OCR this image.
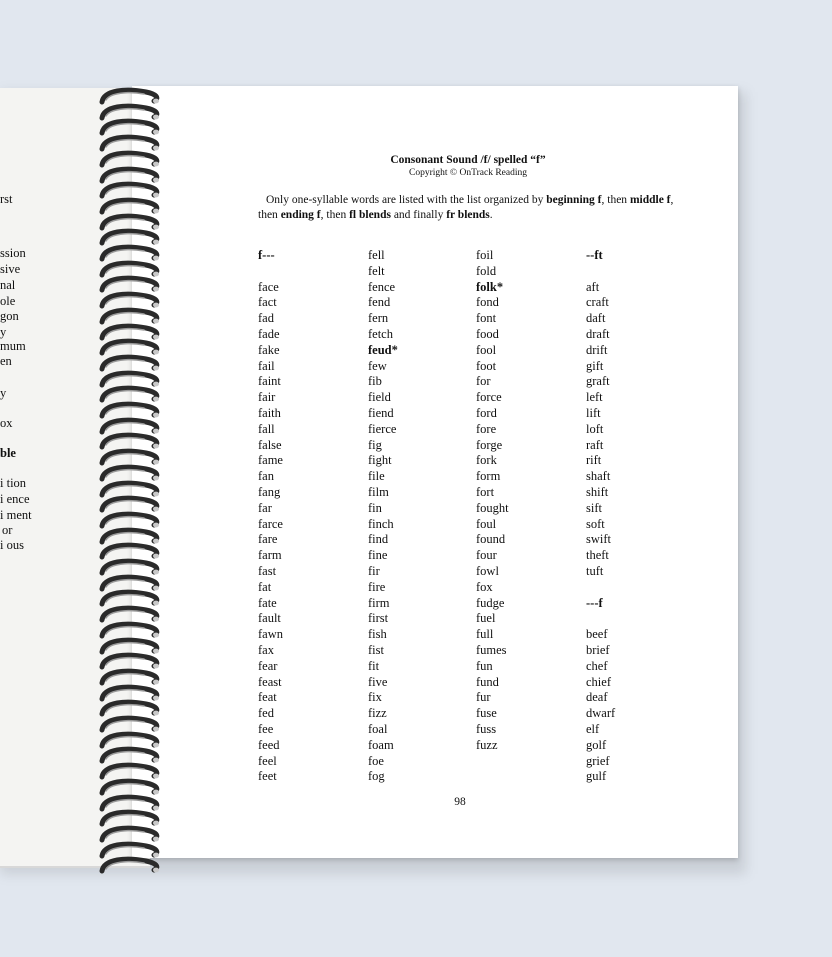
rst
ssion
sive
nal
ole
gon
y
mum
en
y
ox
ble
i tion
i ence
i ment
or
i ous
Consonant Sound /f/ spelled “f”
Copyright © OnTrack Reading
Only one-syllable words are listed with the list organized by beginning f, then middle f, then ending f, then fl blends and finally fr blends.
f---
face
fact
fad
fade
fake
fail
faint
fair
faith
fall
false
fame
fan
fang
far
farce
fare
farm
fast
fat
fate
fault
fawn
fax
fear
feast
feat
fed
fee
feed
feel
feet
fell
felt
fence
fend
fern
fetch
feud*
few
fib
field
fiend
fierce
fig
fight
file
film
fin
finch
find
fine
fir
fire
firm
first
fish
fist
fit
five
fix
fizz
foal
foam
foe
fog
foil
fold
folk*
fond
font
food
fool
foot
for
force
ford
fore
forge
fork
form
fort
fought
foul
found
four
fowl
fox
fudge
fuel
full
fumes
fun
fund
fur
fuse
fuss
fuzz
--ft
aft
craft
daft
draft
drift
gift
graft
left
lift
loft
raft
rift
shaft
shift
sift
soft
swift
theft
tuft
---f
beef
brief
chef
chief
deaf
dwarf
elf
golf
grief
gulf
98
